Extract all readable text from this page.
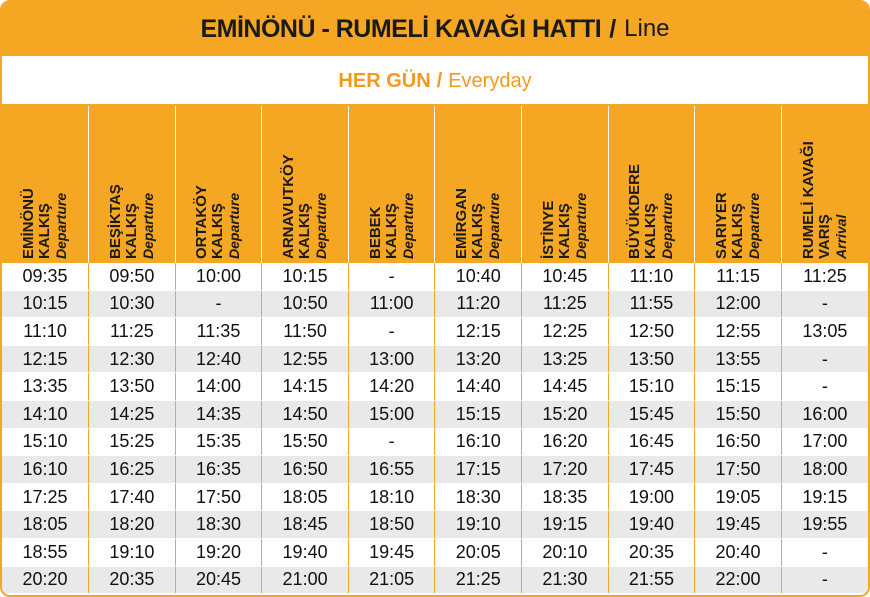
EMİNÖNÜ - RUMELİ KAVAĞI HATTI / Line
HER GÜN / Everyday
EMİNÖNÜ KALKIŞ Departure	BEŞİKTAŞ KALKIŞ Departure	ORTAKÖY KALKIŞ Departure	ARNAVUTKÖY KALKIŞ Departure	BEBEK KALKIŞ Departure	EMİRGAN KALKIŞ Departure	İSTİNYE KALKIŞ Departure	BÜYÜKDERE KALKIŞ Departure	SARIYER KALKIŞ Departure	RUMELİ KAVAĞI VARIŞ Arrival

09:35	09:50	10:00	10:15	-	10:40	10:45	11:10	11:15	11:25
10:15	10:30	-	10:50	11:00	11:20	11:25	11:55	12:00	-
11:10	11:25	11:35	11:50	-	12:15	12:25	12:50	12:55	13:05
12:15	12:30	12:40	12:55	13:00	13:20	13:25	13:50	13:55	-
13:35	13:50	14:00	14:15	14:20	14:40	14:45	15:10	15:15	-
14:10	14:25	14:35	14:50	15:00	15:15	15:20	15:45	15:50	16:00
15:10	15:25	15:35	15:50	-	16:10	16:20	16:45	16:50	17:00
16:10	16:25	16:35	16:50	16:55	17:15	17:20	17:45	17:50	18:00
17:25	17:40	17:50	18:05	18:10	18:30	18:35	19:00	19:05	19:15
18:05	18:20	18:30	18:45	18:50	19:10	19:15	19:40	19:45	19:55
18:55	19:10	19:20	19:40	19:45	20:05	20:10	20:35	20:40	-
20:20	20:35	20:45	21:00	21:05	21:25	21:30	21:55	22:00	-
